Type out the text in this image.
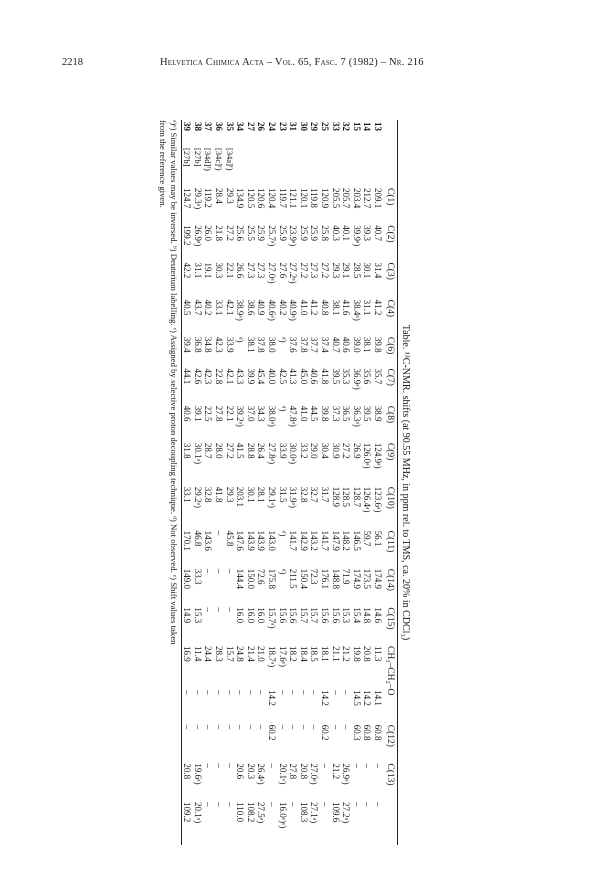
2218	Helvetica Chimica Acta – Vol. 65, Fasc. 7 (1982) – Nr. 216
Table. ¹³C-NMR. shifts (at 90.55 MHz, in ppm rel. to TMS, ca. 20% in CDCl₃)
		C(1)	C(2)	C(3)	C(4)	C(6)	C(7)	C(8)	C(9)	C(10)	C(11)	C(14)	C(15)	CH₃–CH₂–O		C(12)	C(13)	
13		209.1	40.7	31.4	41.2	39.8	35.7	38.9	124.9ᵃ)	123.6ᵃ)	56.1	174.9	14.6	11.3	14.1	60.8	–	–
14		212.7	39.3	30.1	31.1	38.1	35.6	39.5	126.0ᵃ)	126.4ᵃ)	59.7	173.5	14.8	20.8	14.2	60.8	–	–
15		203.4	39.9ᵃ)	28.5	38.4ᵃ)	39.0	36.9ᵃ)	36.3ᵃ)	26.9	128.7	146.5	174.9	15.4	19.8	14.5	60.3	–	–
32		205.7	40.1	29.1	41.6	40.6	35.3	36.5	27.2	128.5	148.2	71.9	15.3	21.2	–	–	26.9ᵃ)	27.2ᵃ)
33		205.5	40.3	29.3	38.1	40.7	39.5	37.3	30.9	128.9	147.9	148.8	15.6	21.1	–	–	21.2	109.6
25		120.9	25.8	27.2	40.8	37.4	41.8	39.8	30.4	31.7	141.7	176.1	15.6	18.1	14.2	60.2	–	–
29		119.8	25.9	27.3	41.2	37.7	40.6	44.5	29.0	32.7	143.2	72.3	15.7	18.5	–	–	27.0ᵃ)	27.1ᵃ)
30		120.1	25.9	27.2	41.0	37.8	45.0	41.0	33.2	32.8	142.9	150.4	15.7	18.4	–	–	20.8	108.3
31		121.1	23.9ᵃ)	27.2ᵃ)	40.9ᵃ)	37.6	41.3	47.8ᵃ)	30.0ᵃ)	31.9ᵃ)	141.7	211.5	15.6	18.2	–	–	27.8	–
23		119.7	25.9	27.6	40.2	ᵈ)	42.5	ᵈ)	33.9	31.5	ᵈ)	ᵈ)	15.6	17.6ᵉ)	–	–	20.1ᵉ)	16.0ᵉ)ᵉ)
24		120.4	25.7ᵃ)	27.0ᵃ)	40.6ᵃ)	38.0	40.0	38.0ᵃ)	27.8ᵃ)	29.1ᵃ)	143.0	175.8	15.7ᵃ)	18.7ᵃ)	14.2	60.2	–	–
26		120.6	25.9	27.3	40.9	37.8	45.4	34.3	26.4	28.1	143.9	72.6	16.0	21.0	–	–	26.4ᵃ)	27.5ᵃ)
27		120.5	25.5	27.3	38.6	38.1	39.9	37.0	28.8	30.1	143.9	150.0	16.0	21.4	–	–	20.3	108.2
34		134.9	25.6	26.6	38.9ᵃ)	ᵈ)	43.3	39.2ᵃ)	41.5	203.1	147.6	144.4	16.0	24.8	–	–	20.6	110.0
35	[34a]ᶠ)	29.3	27.2	22.1	42.1	33.9	42.1	22.1	27.2	29.3	45.8	–	–	15.7	–	–	–	–
36	[34c]ᶠ)	28.4	21.8	30.3	33.1	42.3	22.8	27.8	28.0	41.8	–	–	–	28.3	–	–	–	–
37	[34d]ᶠ)	119.2	26.0	19.1	40.2	34.8	42.3	22.5	28.7	32.8	143.6	–	–	24.4	–	–	–	–
38	[27b]	29.3ᵃ)	26.9ᵃ)	31.1	43.7	36.8	42.6	39.1	30.1ᵃ)	29.2ᵃ)	46.8	33.3	15.3	11.4	–	–	19.6ᵃ)	20.1ᵃ)
39	[27b]	124.7	199.2	42.2	40.5	39.4	44.1	40.6	31.8	33.1	170.1	149.0	14.9	16.9	–	–	20.8	109.2
ᵃ)ᵉ) Similar values may be inversed. ᵇ) Deuterium labelling. ᶜ) Assigned by selective proton decoupling technique. ᵈ) Not observed. ᵉ) Shift values taken
from the reference given.
